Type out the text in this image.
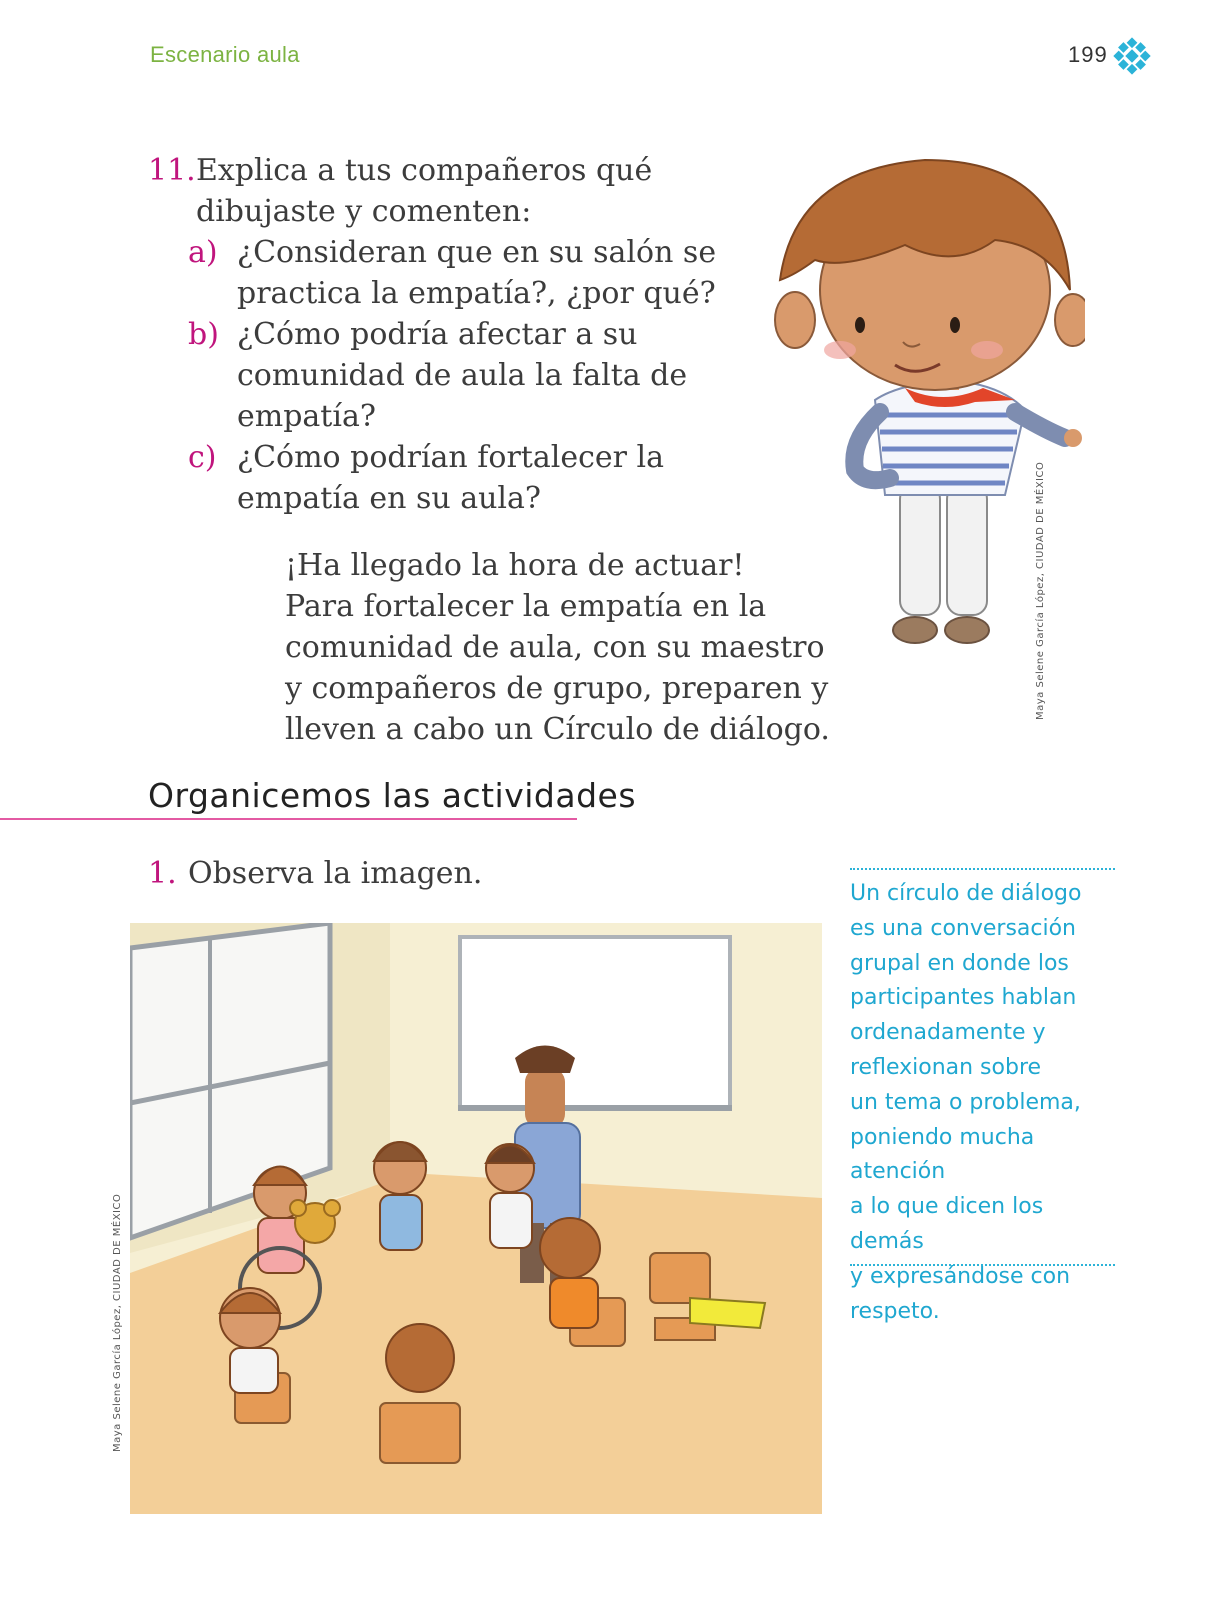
Escenario aula	199
11. Explica a tus compañeros qué
dibujaste y comenten:
a) ¿Consideran que en su salón se
practica la empatía?, ¿por qué?
b) ¿Cómo podría afectar a su
comunidad de aula la falta de
empatía?
c) ¿Cómo podrían fortalecer la
empatía en su aula?
¡Ha llegado la hora de actuar!
Para fortalecer la empatía en la
comunidad de aula, con su maestro
y compañeros de grupo, preparen y
lleven a cabo un Círculo de diálogo.
Maya Selene García López, CIUDAD DE MÉXICO
Organicemos las actividades
1. Observa la imagen.
Un círculo de diálogo
es una conversación
grupal en donde los
participantes hablan
ordenadamente y
reflexionan sobre
un tema o problema,
poniendo mucha atención
a lo que dicen los demás
y expresándose con
respeto.
Maya Selene García López, CIUDAD DE MÉXICO
